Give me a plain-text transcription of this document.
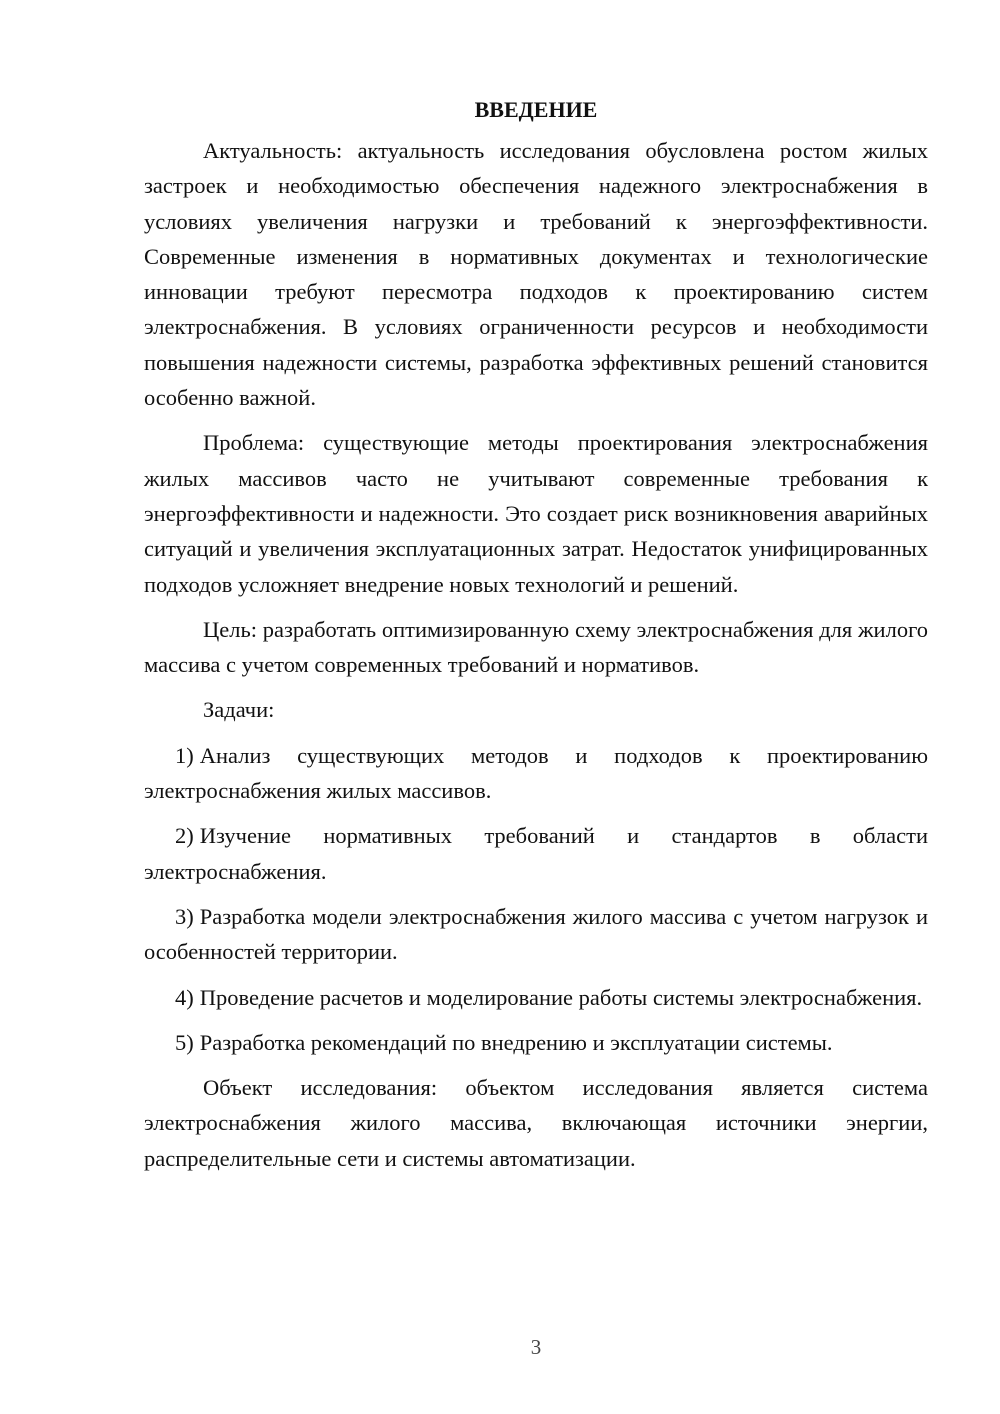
ВВЕДЕНИЕ

Актуальность: актуальность исследования обусловлена ростом жилых застроек и необходимостью обеспечения надежного электроснабжения в условиях увеличения нагрузки и требований к энергоэффективности. Современные изменения в нормативных документах и технологические инновации требуют пересмотра подходов к проектированию систем электроснабжения. В условиях ограниченности ресурсов и необходимости повышения надежности системы, разработка эффективных решений становится особенно важной.

Проблема: существующие методы проектирования электроснабжения жилых массивов часто не учитывают современные требования к энергоэффективности и надежности. Это создает риск возникновения аварийных ситуаций и увеличения эксплуатационных затрат. Недостаток унифицированных подходов усложняет внедрение новых технологий и решений.

Цель: разработать оптимизированную схему электроснабжения для жилого массива с учетом современных требований и нормативов.

Задачи:

1) Анализ существующих методов и подходов к проектированию электроснабжения жилых массивов.

2) Изучение нормативных требований и стандартов в области электроснабжения.

3) Разработка модели электроснабжения жилого массива с учетом нагрузок и особенностей территории.

4) Проведение расчетов и моделирование работы системы электроснабжения.

5) Разработка рекомендаций по внедрению и эксплуатации системы.

Объект исследования: объектом исследования является система электроснабжения жилого массива, включающая источники энергии, распределительные сети и системы автоматизации.

3
